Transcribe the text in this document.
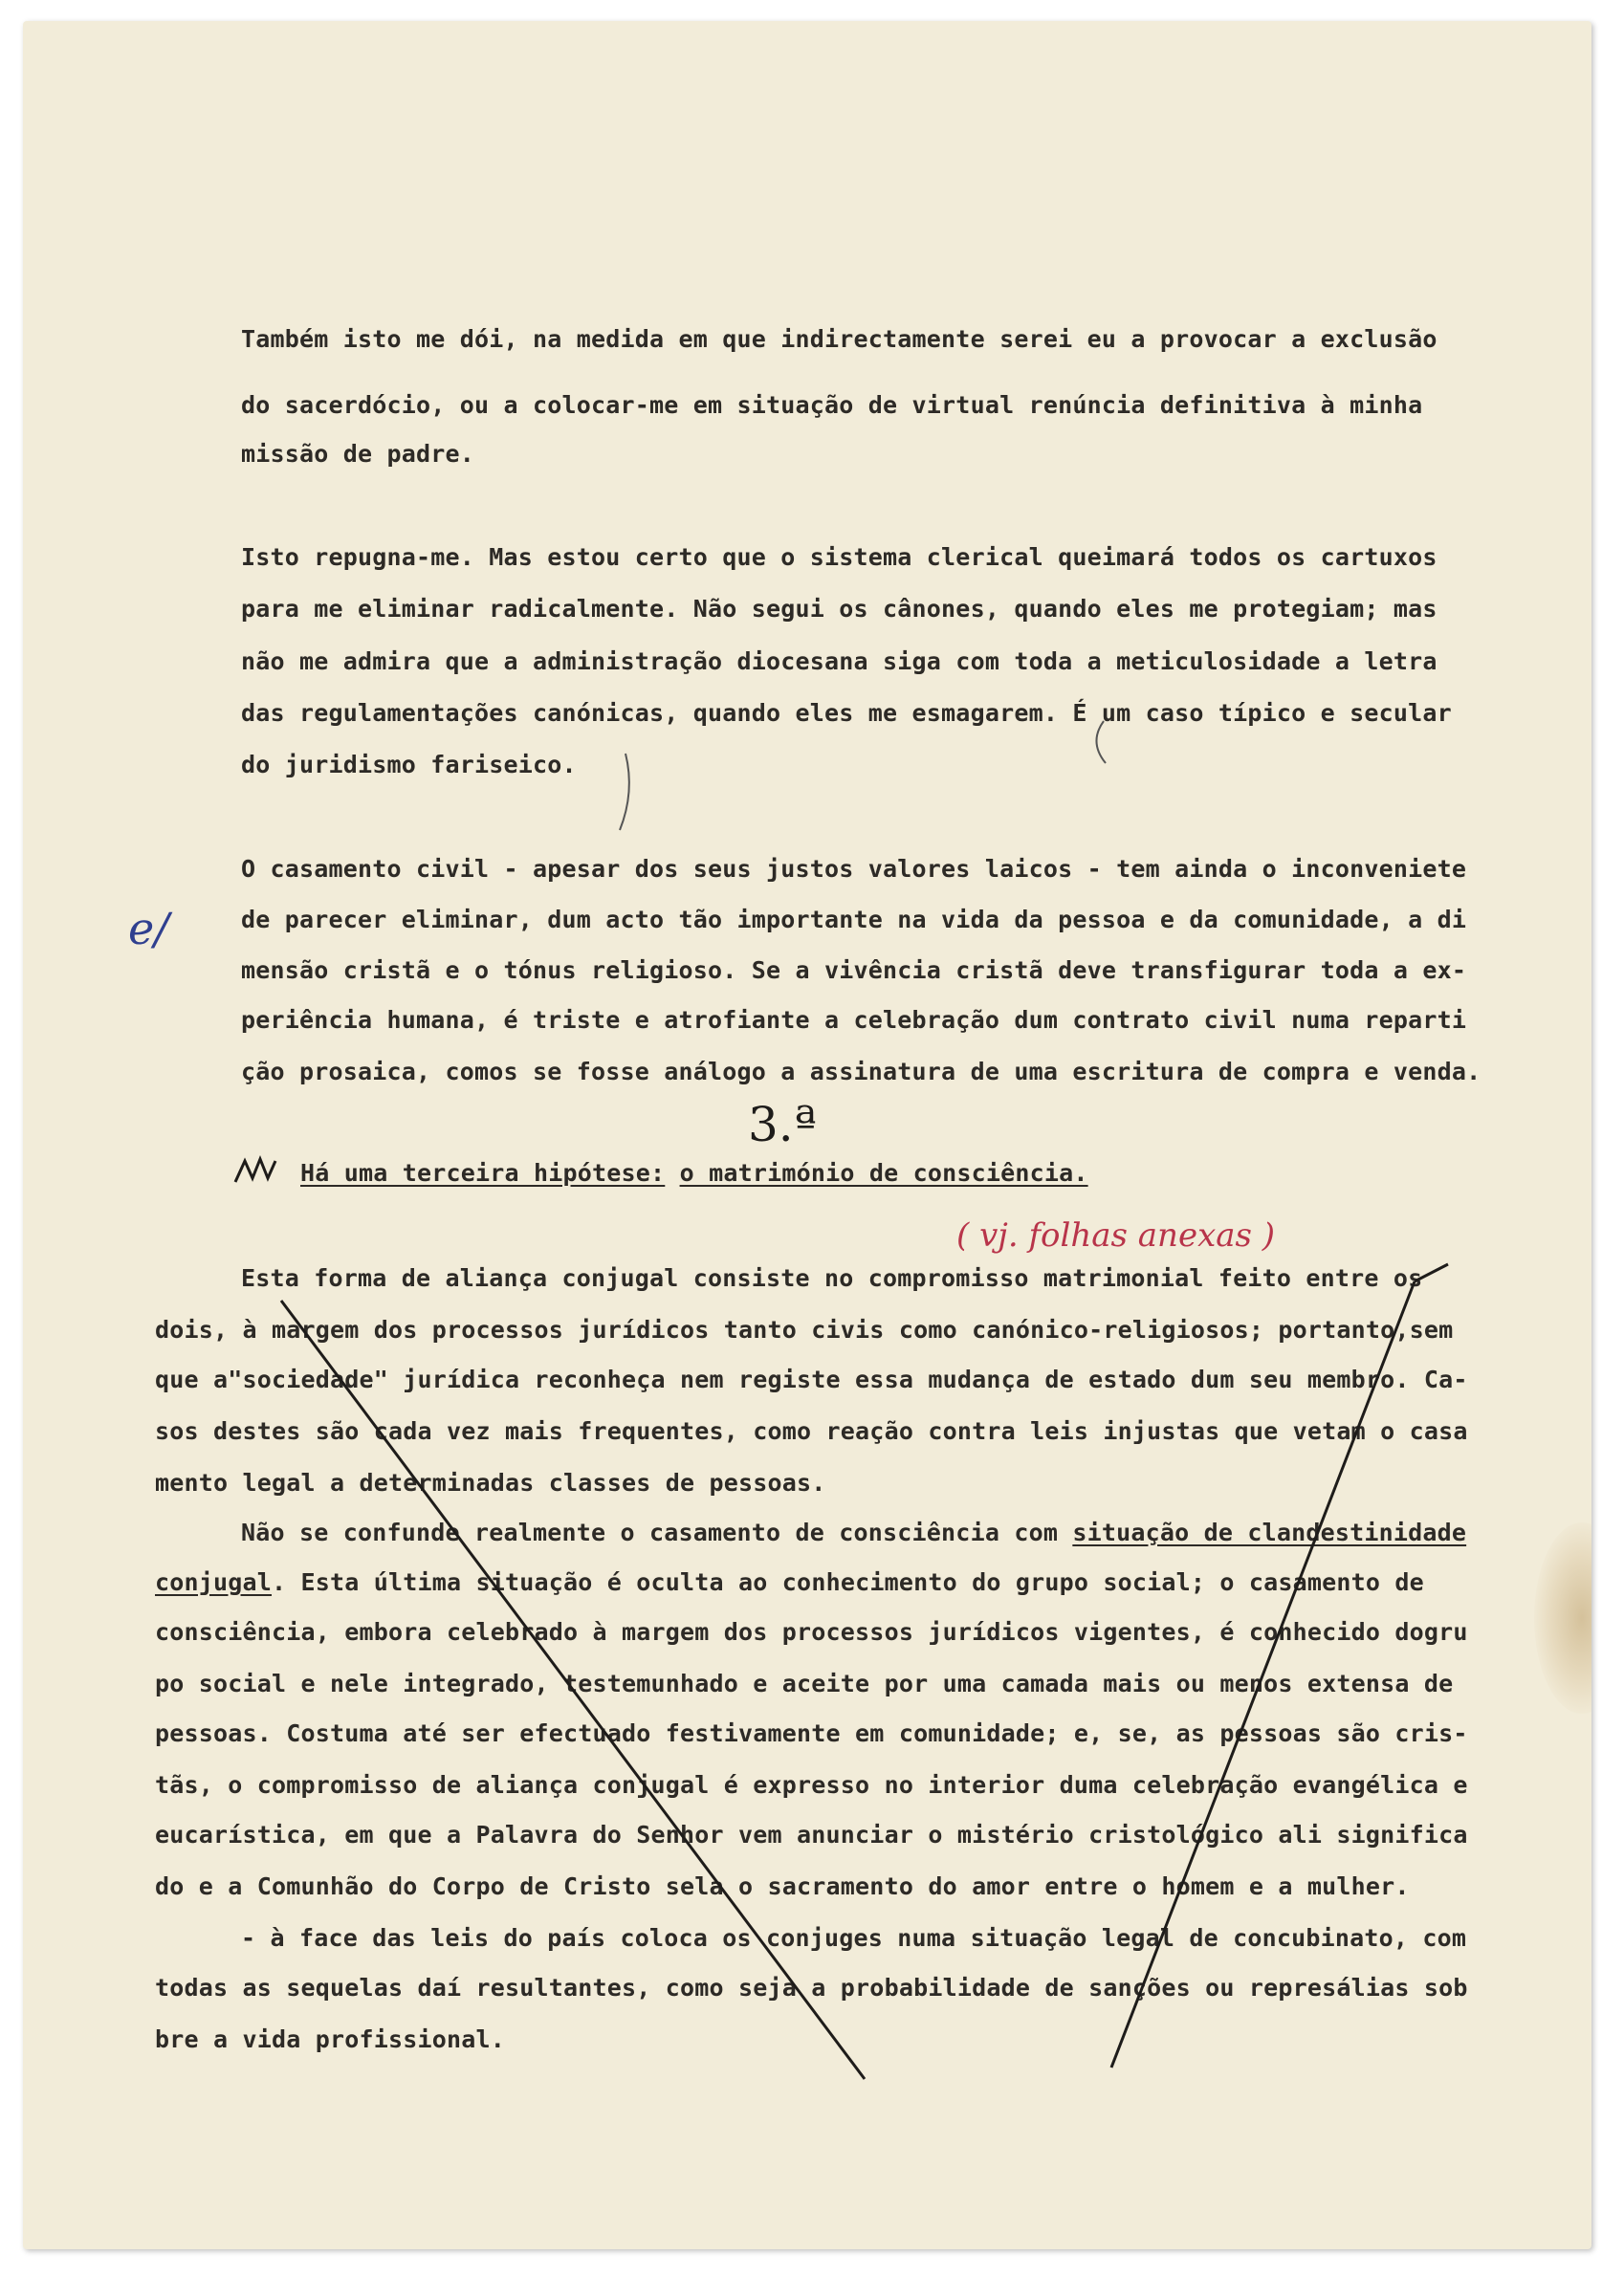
Também isto me dói, na medida em que indirectamente serei eu a provocar a exclusão
do sacerdócio, ou a colocar-me em situação de virtual renúncia definitiva à minha
missão de padre.
Isto repugna-me. Mas estou certo que o sistema clerical queimará todos os cartuxos
para me eliminar radicalmente. Não segui os cânones, quando eles me protegiam; mas
não me admira que a administração diocesana siga com toda a meticulosidade a letra
das regulamentações canónicas, quando eles me esmagarem. É um caso típico e secular
do juridismo fariseico.
O casamento civil - apesar dos seus justos valores laicos - tem ainda o inconveniete
de parecer eliminar, dum acto tão importante na vida da pessoa e da comunidade, a di
mensão cristã e o tónus religioso. Se a vivência cristã deve transfigurar toda a ex-
periência humana, é triste e atrofiante a celebração dum contrato civil numa reparti
ção prosaica, comos se fosse análogo a assinatura de uma escritura de compra e venda.
Há uma terceira hipótese: o matrimónio de consciência.
Esta forma de aliança conjugal consiste no compromisso matrimonial feito entre os
dois, à margem dos processos jurídicos tanto civis como canónico-religiosos; portanto,sem
que a"sociedade" jurídica reconheça nem registe essa mudança de estado dum seu membro. Ca-
sos destes são cada vez mais frequentes, como reação contra leis injustas que vetam o casa
mento legal a determinadas classes de pessoas.
Não se confunde realmente o casamento de consciência com situação de clandestinidade
conjugal. Esta última situação é oculta ao conhecimento do grupo social; o casamento de
consciência, embora celebrado à margem dos processos jurídicos vigentes, é conhecido dogru
po social e nele integrado, testemunhado e aceite por uma camada mais ou menos extensa de
pessoas. Costuma até ser efectuado festivamente em comunidade; e, se, as pessoas são cris-
tãs, o compromisso de aliança conjugal é expresso no interior duma celebração evangélica e
eucarística, em que a Palavra do Senhor vem anunciar o mistério cristológico ali significa
do e a Comunhão do Corpo de Cristo sela o sacramento do amor entre o homem e a mulher.
- à face das leis do país coloca os conjuges numa situação legal de concubinato, com
todas as sequelas daí resultantes, como seja a probabilidade de sanções ou represálias sob
bre a vida profissional.
e/
3.ª
( vj. folhas anexas )
